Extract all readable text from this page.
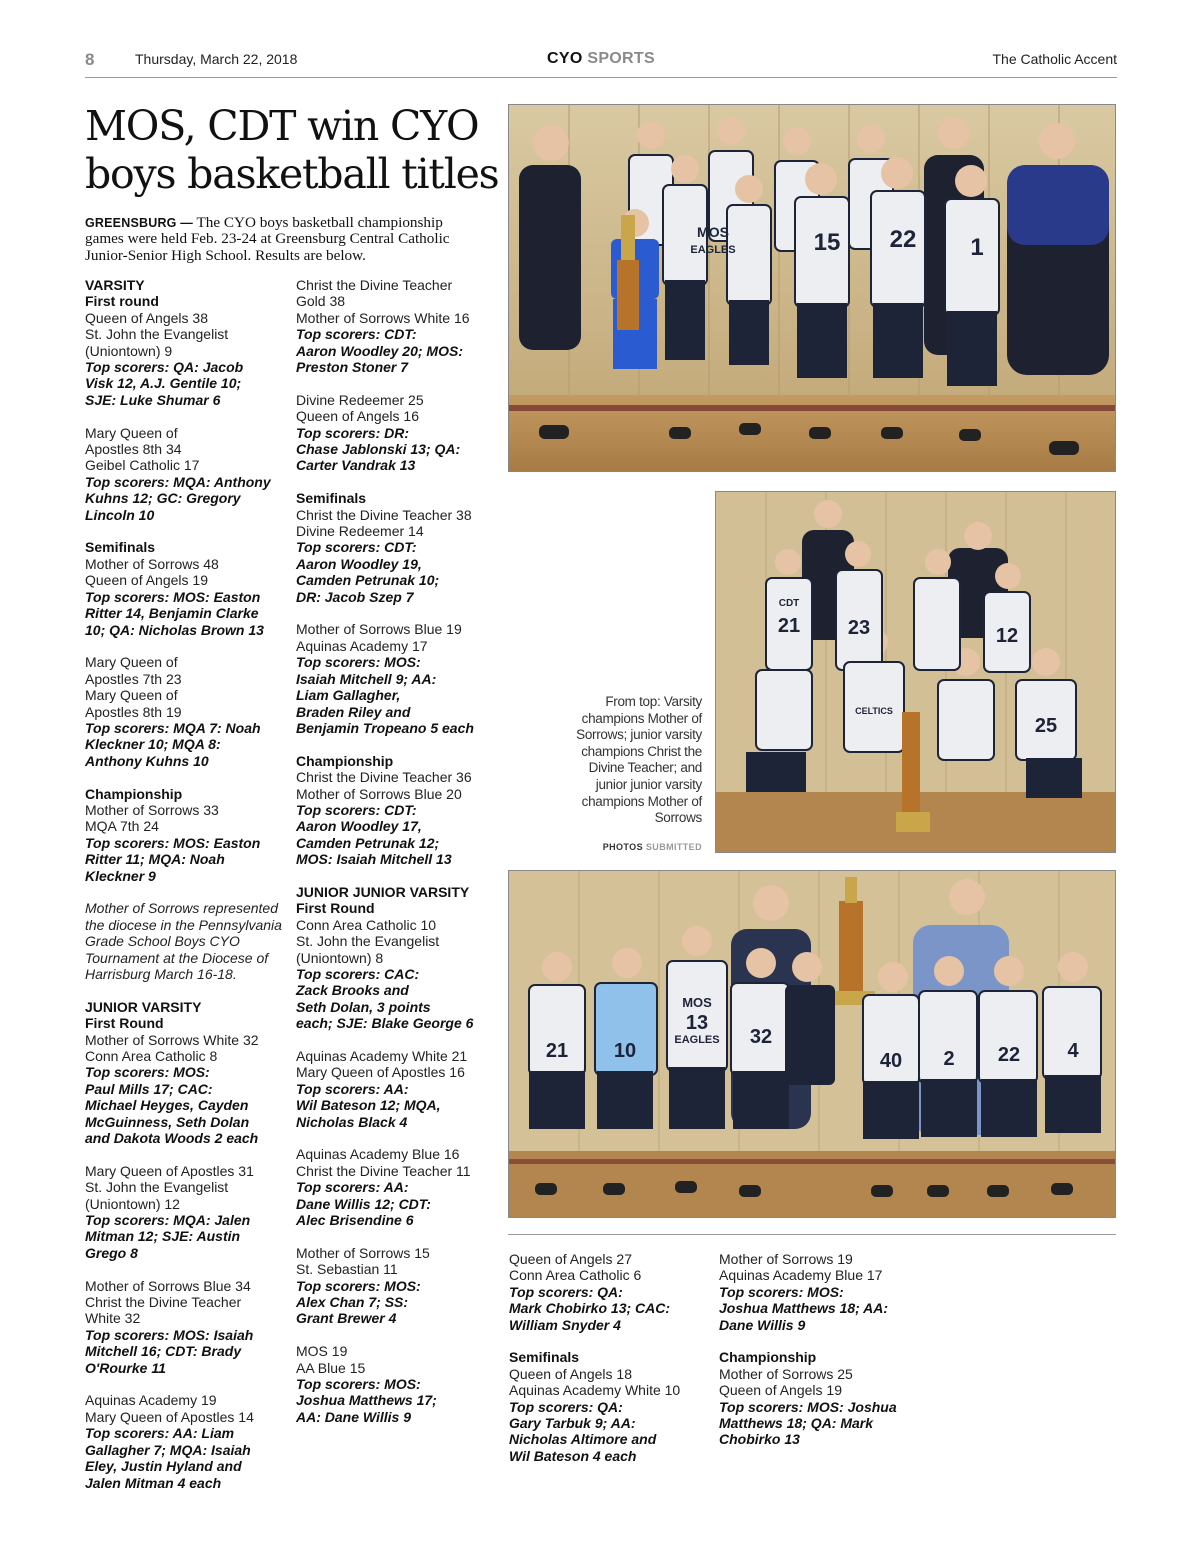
8	Thursday, March 22, 2018	CYO SPORTS	The Catholic Accent
MOS, CDT win CYO
boys basketball titles

GREENSBURG — The CYO boys basketball championship games were held Feb. 23-24 at Greensburg Central Catholic Junior-Senior High School. Results are below.

VARSITY
First round
Queen of Angels 38
St. John the Evangelist
(Uniontown) 9
Top scorers: QA: Jacob
Visk 12, A.J. Gentile 10;
SJE: Luke Shumar 6
Mary Queen of
Apostles 8th 34
Geibel Catholic 17
Top scorers: MQA: Anthony
Kuhns 12; GC: Gregory
Lincoln 10
Semifinals
Mother of Sorrows 48
Queen of Angels 19
Top scorers: MOS: Easton
Ritter 14, Benjamin Clarke
10; QA: Nicholas Brown 13
Mary Queen of
Apostles 7th 23
Mary Queen of
Apostles 8th 19
Top scorers: MQA 7: Noah
Kleckner 10; MQA 8:
Anthony Kuhns 10
Championship
Mother of Sorrows 33
MQA 7th 24
Top scorers: MOS: Easton
Ritter 11; MQA: Noah
Kleckner 9
Mother of Sorrows represented
the diocese in the Pennsylvania
Grade School Boys CYO
Tournament at the Diocese of
Harrisburg March 16-18.
JUNIOR VARSITY
First Round
Mother of Sorrows White 32
Conn Area Catholic 8
Top scorers: MOS:
Paul Mills 17; CAC:
Michael Heyges, Cayden
McGuinness, Seth Dolan
and Dakota Woods 2 each
Mary Queen of Apostles 31
St. John the Evangelist
(Uniontown) 12
Top scorers: MQA: Jalen
Mitman 12; SJE: Austin
Grego 8
Mother of Sorrows Blue 34
Christ the Divine Teacher
White 32
Top scorers: MOS: Isaiah
Mitchell 16; CDT: Brady
O'Rourke 11
Aquinas Academy 19
Mary Queen of Apostles 14
Top scorers: AA: Liam
Gallagher 7; MQA: Isaiah
Eley, Justin Hyland and
Jalen Mitman 4 each
Christ the Divine Teacher
Gold 38
Mother of Sorrows White 16
Top scorers: CDT:
Aaron Woodley 20; MOS:
Preston Stoner 7
Divine Redeemer 25
Queen of Angels 16
Top scorers: DR:
Chase Jablonski 13; QA:
Carter Vandrak 13
Semifinals
Christ the Divine Teacher 38
Divine Redeemer 14
Top scorers: CDT:
Aaron Woodley 19,
Camden Petrunak 10;
DR: Jacob Szep 7
Mother of Sorrows Blue 19
Aquinas Academy 17
Top scorers: MOS:
Isaiah Mitchell 9; AA:
Liam Gallagher,
Braden Riley and
Benjamin Tropeano 5 each
Championship
Christ the Divine Teacher 36
Mother of Sorrows Blue 20
Top scorers: CDT:
Aaron Woodley 17,
Camden Petrunak 12;
MOS: Isaiah Mitchell 13
JUNIOR JUNIOR VARSITY
First Round
Conn Area Catholic 10
St. John the Evangelist
(Uniontown) 8
Top scorers: CAC:
Zack Brooks and
Seth Dolan, 3 points
each; SJE: Blake George 6
Aquinas Academy White 21
Mary Queen of Apostles 16
Top scorers: AA:
Wil Bateson 12; MQA,
Nicholas Black 4
Aquinas Academy Blue 16
Christ the Divine Teacher 11
Top scorers: AA:
Dane Willis 12; CDT:
Alec Brisendine 6
Mother of Sorrows 15
St. Sebastian 11
Top scorers: MOS:
Alex Chan 7; SS:
Grant Brewer 4
MOS 19
AA Blue 15
Top scorers: MOS:
Joshua Matthews 17;
AA: Dane Willis 9
Queen of Angels 27
Conn Area Catholic 6
Top scorers: QA:
Mark Chobirko 13; CAC:
William Snyder 4
Semifinals
Queen of Angels 18
Aquinas Academy White 10
Top scorers: QA:
Gary Tarbuk 9; AA:
Nicholas Altimore and
Wil Bateson 4 each
Mother of Sorrows 19
Aquinas Academy Blue 17
Top scorers: MOS:
Joshua Matthews 18; AA:
Dane Willis 9
Championship
Mother of Sorrows 25
Queen of Angels 19
Top scorers: MOS: Joshua
Matthews 18; QA: Mark
Chobirko 13
MOS
EAGLES	15 22 1
CDT
21 23	12
CELTICS
25
From top: Varsity
champions Mother of
Sorrows; junior varsity
champions Christ the
Divine Teacher; and
junior junior varsity
champions Mother of
Sorrows
PHOTOS SUBMITTED
21 10
13
32
40 2 22 4
MOS
EAGLES
